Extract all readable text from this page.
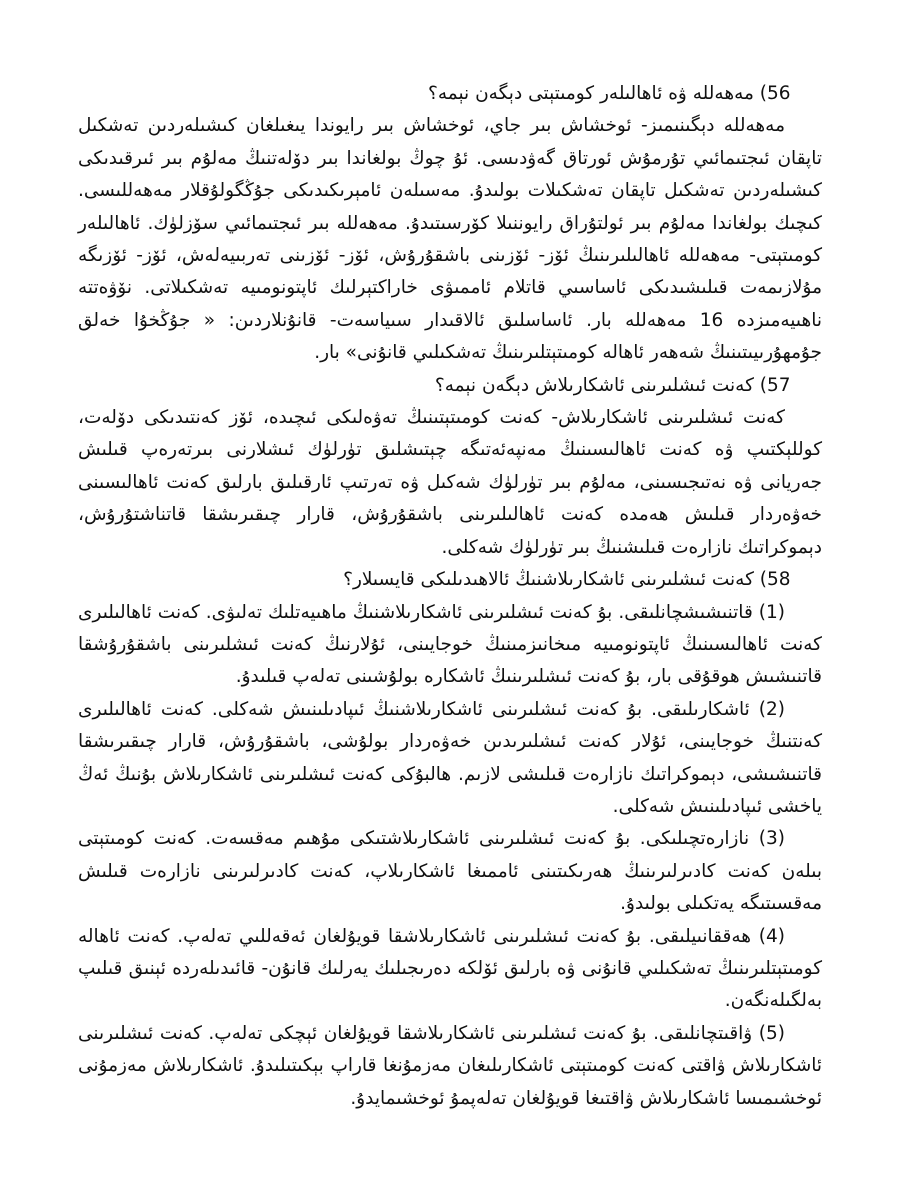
56) مەھەللە ۋە ئاھالىلەر كومىتېتى دېگەن نېمە؟

مەھەللە دېگىنىمىز- ئوخشاش بىر جاي، ئوخشاش بىر رايوندا يىغىلغان كىشىلەردىن تەشكىل تاپقان ئىجتىمائىي تۇرمۇش ئورتاق گەۋدىسى. ئۇ چوڭ بولغاندا بىر دۆلەتنىڭ مەلۇم بىر ئىرقىدىكى كىشىلەردىن تەشكىل تاپقان تەشكىلات بولىدۇ. مەسىلەن ئامېرىكىدىكى جۇڭگولۇقلار مەھەللىسى. كىچىك بولغاندا مەلۇم بىر ئولتۇراق رايوننىلا كۆرسىتىدۇ. مەھەللە بىر ئىجتىمائىي سۆزلۈك. ئاھالىلەر كومىتېتى- مەھەللە ئاھالىلىرىنىڭ ئۆز- ئۆزىنى باشقۇرۇش، ئۆز- ئۆزىنى تەربىيەلەش، ئۆز- ئۆزىگە مۇلازىمەت قىلىشىدىكى ئاساسىي قاتلام ئاممىۋى خاراكتېرلىك ئاپتونومىيە تەشكىلاتى. نۆۋەتتە ناھىيەمىزدە 16 مەھەللە بار. ئاساسلىق ئالاقىدار سىياسەت- قانۇنلاردىن: « جۇڭخۇا خەلق جۇمھۇرىيىتىنىڭ شەھەر ئاھالە كومىتېتلىرىنىڭ تەشكىلىي قانۇنى» بار.

57) كەنت ئىشلىرىنى ئاشكارىلاش دېگەن نېمە؟

كەنت ئىشلىرىنى ئاشكارىلاش- كەنت كومىتېتىنىڭ تەۋەلىكى ئىچىدە، ئۆز كەنتىدىكى دۆلەت، كوللېكتىپ ۋە كەنت ئاھالىسىنىڭ مەنپەئەتىگە چېتىشلىق تۈرلۈك ئىشلارنى بىرتەرەپ قىلىش جەريانى ۋە نەتىجىسىنى، مەلۇم بىر تۈرلۈك شەكىل ۋە تەرتىپ ئارقىلىق بارلىق كەنت ئاھالىسىنى خەۋەردار قىلىش ھەمدە كەنت ئاھالىلىرىنى باشقۇرۇش، قارار چىقىرىشقا قاتناشتۇرۇش، دېموكراتىك نازارەت قىلىشنىڭ بىر تۈرلۈك شەكلى.

58) كەنت ئىشلىرىنى ئاشكارىلاشنىڭ ئالاھىدىلىكى قايسىلار؟

(1) قاتنىشىشچانلىقى. بۇ كەنت ئىشلىرىنى ئاشكارىلاشنىڭ ماھىيەتلىك تەلىۋى. كەنت ئاھالىلىرى كەنت ئاھالىسىنىڭ ئاپتونومىيە مىخانىزمىنىڭ خوجايىنى، ئۇلارنىڭ كەنت ئىشلىرىنى باشقۇرۇشقا قاتنىشىش ھوقۇقى بار، بۇ كەنت ئىشلىرىنىڭ ئاشكارە بولۇشىنى تەلەپ قىلىدۇ.

(2) ئاشكارىلىقى. بۇ كەنت ئىشلىرىنى ئاشكارىلاشنىڭ ئىپادىلىنىش شەكلى. كەنت ئاھالىلىرى كەنتنىڭ خوجايىنى، ئۇلار كەنت ئىشلىرىدىن خەۋەردار بولۇشى، باشقۇرۇش، قارار چىقىرىشقا قاتنىشىشى، دېموكراتىك نازارەت قىلىشى لازىم. ھالبۇكى كەنت ئىشلىرىنى ئاشكارىلاش بۇنىڭ ئەڭ ياخشى ئىپادىلىنىش شەكلى.

(3) نازارەتچىلىكى. بۇ كەنت ئىشلىرىنى ئاشكارىلاشتىكى مۇھىم مەقسەت. كەنت كومىتېتى بىلەن كەنت كادىرلىرىنىڭ ھەرىكىتىنى ئاممىغا ئاشكارىلاپ، كەنت كادىرلىرىنى نازارەت قىلىش مەقسىتىگە يەتكىلى بولىدۇ.

(4) ھەققانىيلىقى. بۇ كەنت ئىشلىرىنى ئاشكارىلاشقا قويۇلغان ئەقەللىي تەلەپ. كەنت ئاھالە كومىتېتلىرىنىڭ تەشكىلىي قانۇنى ۋە بارلىق ئۆلكە دەرىجىلىك يەرلىك قانۇن- قائىدىلەردە ئېنىق قىلىپ بەلگىلەنگەن.

(5) ۋاقىتچانلىقى. بۇ كەنت ئىشلىرىنى ئاشكارىلاشقا قويۇلغان ئېچكى تەلەپ. كەنت ئىشلىرىنى ئاشكارىلاش ۋاقتى كەنت كومىتېتى ئاشكارىلىغان مەزمۇنغا قاراپ بېكىتىلىدۇ. ئاشكارىلاش مەزمۇنى ئوخشىمىسا ئاشكارىلاش ۋاقتىغا قويۇلغان تەلەپمۇ ئوخشىمايدۇ.
